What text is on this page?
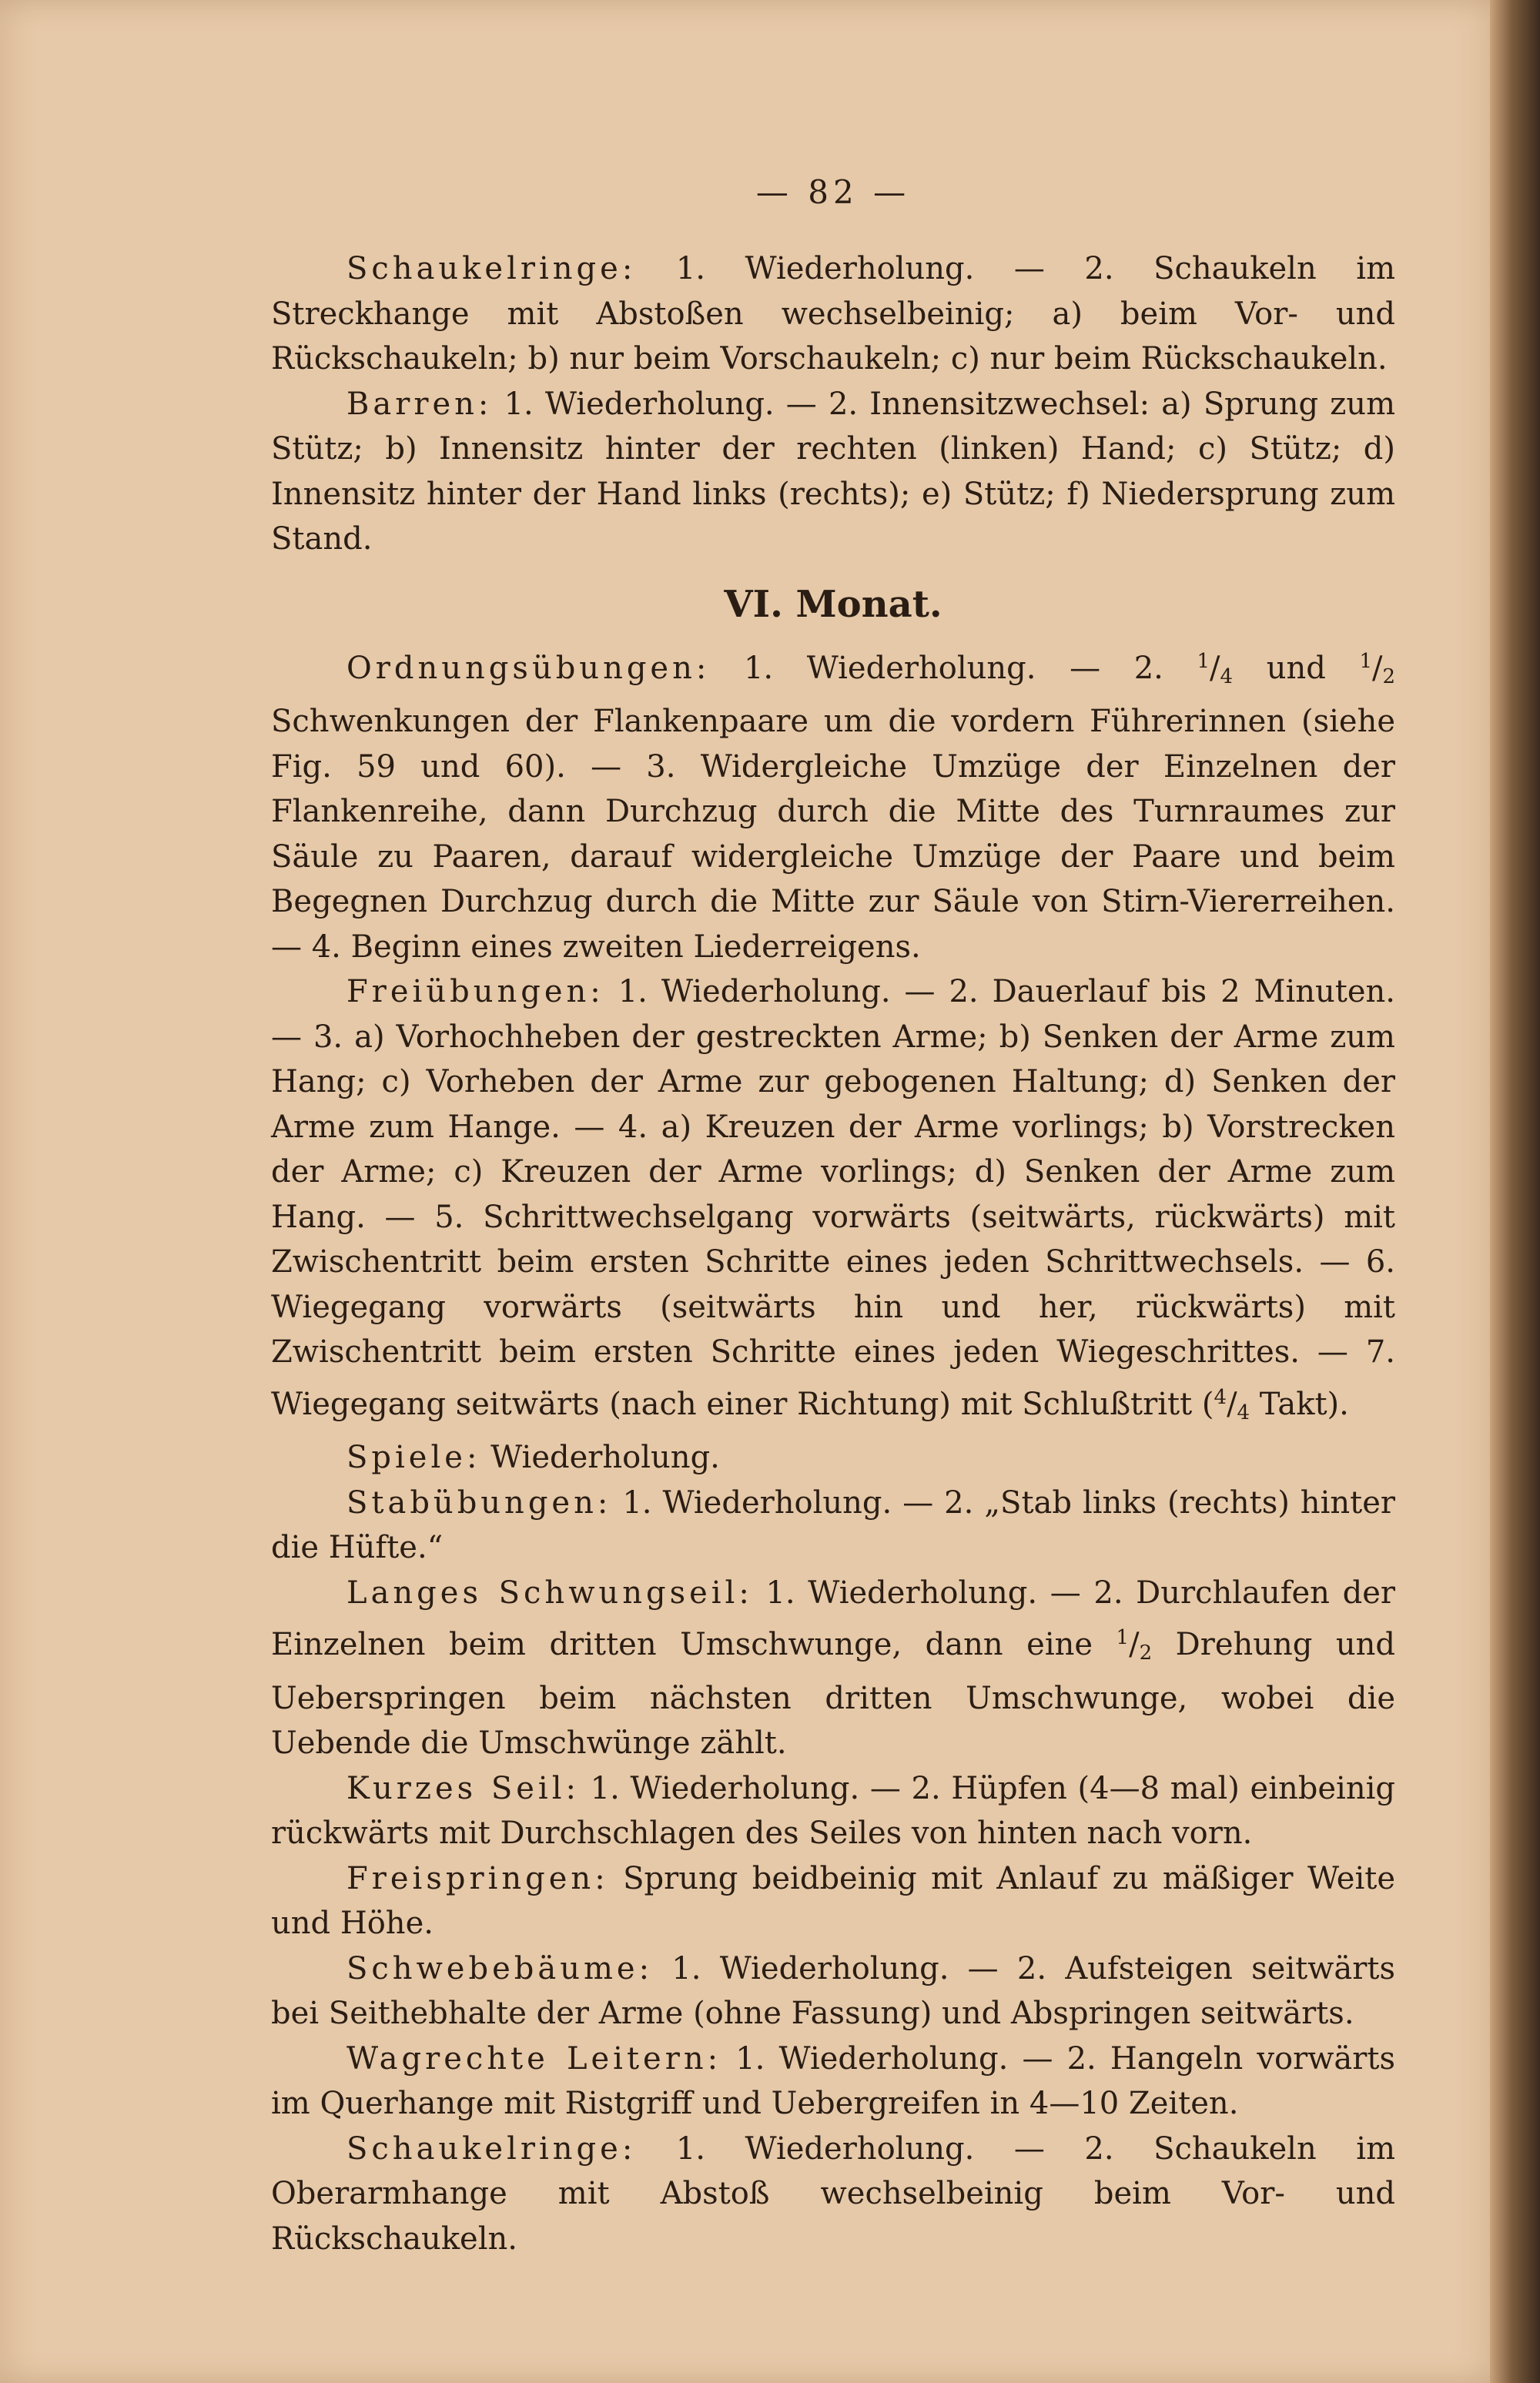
— 82 —

Schaukelringe: 1. Wiederholung. — 2. Schaukeln im Streckhange mit Abstoßen wechselbeinig; a) beim Vor- und Rückschaukeln; b) nur beim Vorschaukeln; c) nur beim Rückschaukeln.

Barren: 1. Wiederholung. — 2. Innensitzwechsel: a) Sprung zum Stütz; b) Innensitz hinter der rechten (linken) Hand; c) Stütz; d) Innensitz hinter der Hand links (rechts); e) Stütz; f) Niedersprung zum Stand.

VI. Monat.

Ordnungsübungen: 1. Wiederholung. — 2. $^1/_4$ und $^1/_2$ Schwenkungen der Flankenpaare um die vordern Führerinnen (siehe Fig. 59 und 60). — 3. Widergleiche Umzüge der Einzelnen der Flankenreihe, dann Durchzug durch die Mitte des Turnraumes zur Säule zu Paaren, darauf widergleiche Umzüge der Paare und beim Begegnen Durchzug durch die Mitte zur Säule von Stirn-Viererreihen. — 4. Beginn eines zweiten Liederreigens.

Freiübungen: 1. Wiederholung. — 2. Dauerlauf bis 2 Minuten. — 3. a) Vorhochheben der gestreckten Arme; b) Senken der Arme zum Hang; c) Vorheben der Arme zur gebogenen Haltung; d) Senken der Arme zum Hange. — 4. a) Kreuzen der Arme vorlings; b) Vorstrecken der Arme; c) Kreuzen der Arme vorlings; d) Senken der Arme zum Hang. — 5. Schrittwechselgang vorwärts (seitwärts, rückwärts) mit Zwischentritt beim ersten Schritte eines jeden Schrittwechsels. — 6. Wiegegang vorwärts (seitwärts hin und her, rückwärts) mit Zwischentritt beim ersten Schritte eines jeden Wiegeschrittes. — 7. Wiegegang seitwärts (nach einer Richtung) mit Schlußtritt ($^4/_4$ Takt).

Spiele: Wiederholung.

Stabübungen: 1. Wiederholung. — 2. „Stab links (rechts) hinter die Hüfte.“

Langes Schwungseil: 1. Wiederholung. — 2. Durchlaufen der Einzelnen beim dritten Umschwunge, dann eine $^1/_2$ Drehung und Ueberspringen beim nächsten dritten Umschwunge, wobei die Uebende die Umschwünge zählt.

Kurzes Seil: 1. Wiederholung. — 2. Hüpfen (4—8 mal) einbeinig rückwärts mit Durchschlagen des Seiles von hinten nach vorn.

Freispringen: Sprung beidbeinig mit Anlauf zu mäßiger Weite und Höhe.

Schwebebäume: 1. Wiederholung. — 2. Aufsteigen seitwärts bei Seithebhalte der Arme (ohne Fassung) und Abspringen seitwärts.

Wagrechte Leitern: 1. Wiederholung. — 2. Hangeln vorwärts im Querhange mit Ristgriff und Uebergreifen in 4—10 Zeiten.

Schaukelringe: 1. Wiederholung. — 2. Schaukeln im Oberarmhange mit Abstoß wechselbeinig beim Vor- und Rückschaukeln.
